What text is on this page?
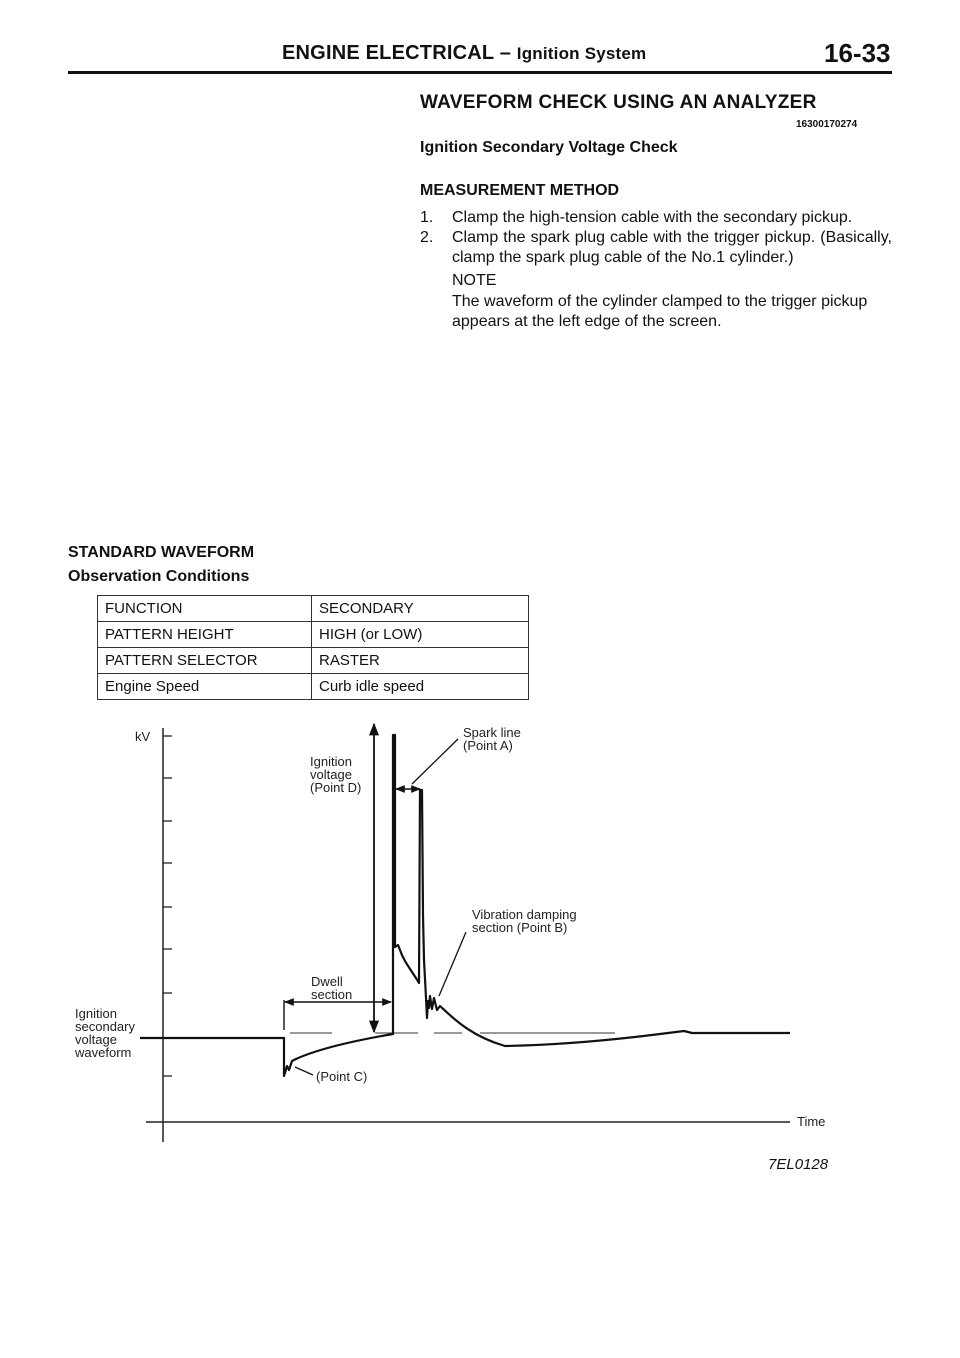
ENGINE ELECTRICAL – Ignition System	16-33
WAVEFORM CHECK USING AN ANALYZER
16300170274
Ignition Secondary Voltage Check
MEASUREMENT METHOD
1. Clamp the high-tension cable with the secondary pickup.
2. Clamp the spark plug cable with the trigger pickup. (Basically, clamp the spark plug cable of the No.1 cylinder.)
NOTE
The waveform of the cylinder clamped to the trigger pickup appears at the left edge of the screen.
STANDARD WAVEFORM
Observation Conditions
FUNCTION	SECONDARY
PATTERN HEIGHT	HIGH (or LOW)
PATTERN SELECTOR	RASTER
Engine Speed	Curb idle speed
kV
Time
Ignition
secondary
voltage
waveform
Ignition
voltage
(Point D)
Spark line
(Point A)
Vibration damping
section (Point B)
Dwell
section
(Point C)
7EL0128
